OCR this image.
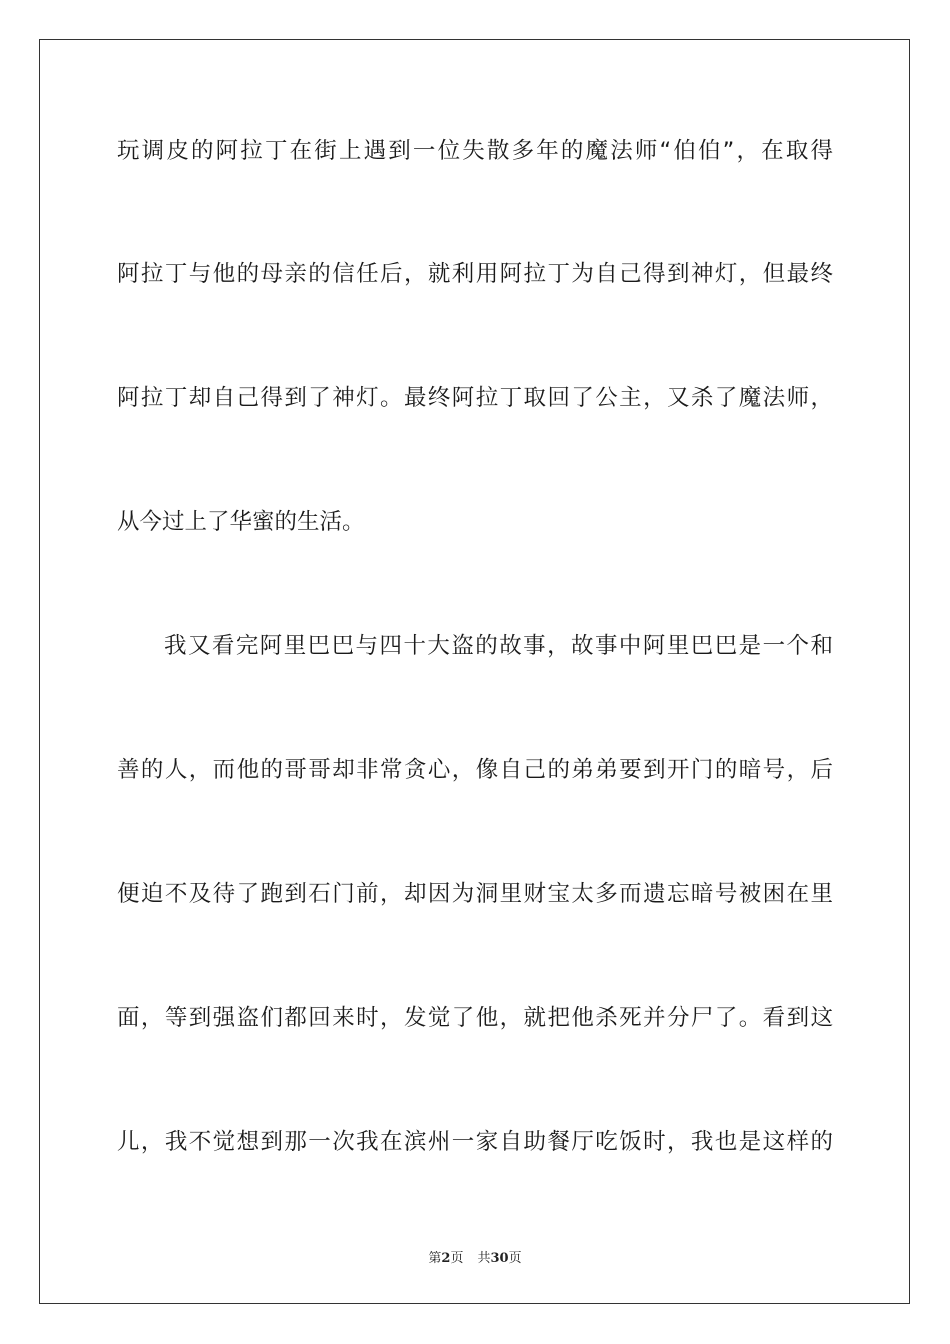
玩调皮的阿拉丁在街上遇到一位失散多年的魔法师“伯伯”，在取得
阿拉丁与他的母亲的信任后，就利用阿拉丁为自己得到神灯，但最终
阿拉丁却自己得到了神灯。最终阿拉丁取回了公主，又杀了魔法师，
从今过上了华蜜的生活。
我又看完阿里巴巴与四十大盗的故事，故事中阿里巴巴是一个和
善的人，而他的哥哥却非常贪心，像自己的弟弟要到开门的暗号，后
便迫不及待了跑到石门前，却因为洞里财宝太多而遗忘暗号被困在里
面，等到强盗们都回来时，发觉了他，就把他杀死并分尸了。看到这
儿，我不觉想到那一次我在滨州一家自助餐厅吃饭时，我也是这样的
第2页 共30页
